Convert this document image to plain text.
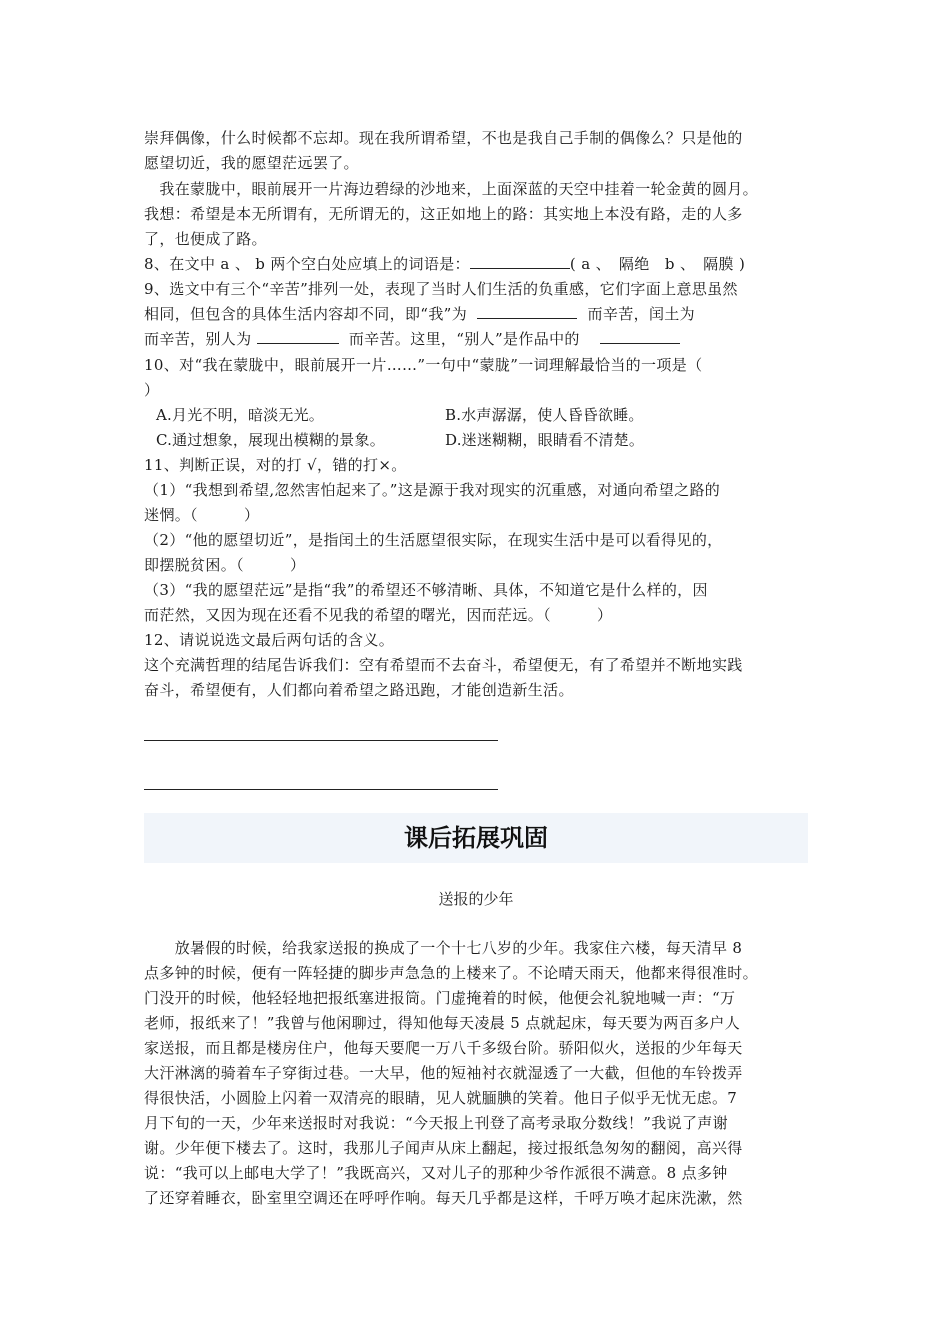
崇拜偶像，什么时候都不忘却。现在我所谓希望，不也是我自己手制的偶像么？只是他的
愿望切近，我的愿望茫远罢了。
　我在蒙胧中，眼前展开一片海边碧绿的沙地来，上面深蓝的天空中挂着一轮金黄的圆月。
我想：希望是本无所谓有，无所谓无的，这正如地上的路：其实地上本没有路，走的人多
了，也便成了路。
8、在文中 a 、 b 两个空白处应填上的词语是：	( a 、　隔绝　b 、　隔膜 )
9、选文中有三个“辛苦”排列一处，表现了当时人们生活的负重感，它们字面上意思虽然
相同，但包含的具体生活内容却不同，即“我”为	而辛苦，闰土为
而辛苦，别人为	而辛苦。这里，“别人”是作品中的
10、对“我在蒙胧中，眼前展开一片……”一句中“蒙胧”一词理解最恰当的一项是（
）
A.月光不明，暗淡无光。	B.水声潺潺，使人昏昏欲睡。
C.通过想象，展现出模糊的景象。	D.迷迷糊糊，眼睛看不清楚。
11、判断正误，对的打 √，错的打×。
（1）“我想到希望,忽然害怕起来了。”这是源于我对现实的沉重感，对通向希望之路的
迷惘。（　　　）
（2）“他的愿望切近”，是指闰土的生活愿望很实际，在现实生活中是可以看得见的，
即摆脱贫困。（　　　）
（3）“我的愿望茫远”是指“我”的希望还不够清晰、具体，不知道它是什么样的，因
而茫然，又因为现在还看不见我的希望的曙光，因而茫远。（　　　）
12、请说说选文最后两句话的含义。
这个充满哲理的结尾告诉我们：空有希望而不去奋斗，希望便无，有了希望并不断地实践
奋斗，希望便有，人们都向着希望之路迅跑，才能创造新生活。
课后拓展巩固
送报的少年
　　放暑假的时候，给我家送报的换成了一个十七八岁的少年。我家住六楼，每天清早 8
点多钟的时候，便有一阵轻捷的脚步声急急的上楼来了。不论晴天雨天，他都来得很准时。
门没开的时候，他轻轻地把报纸塞进报筒。门虚掩着的时候，他便会礼貌地喊一声：“万
老师，报纸来了！”我曾与他闲聊过，得知他每天凌晨 5 点就起床，每天要为两百多户人
家送报，而且都是楼房住户，他每天要爬一万八千多级台阶。骄阳似火，送报的少年每天
大汗淋漓的骑着车子穿街过巷。一大早，他的短袖衬衣就湿透了一大截，但他的车铃拨弄
得很快活，小圆脸上闪着一双清亮的眼睛，见人就腼腆的笑着。他日子似乎无忧无虑。7
月下旬的一天，少年来送报时对我说：“今天报上刊登了高考录取分数线！”我说了声谢
谢。少年便下楼去了。这时，我那儿子闻声从床上翻起，接过报纸急匆匆的翻阅，高兴得
说：“我可以上邮电大学了！”我既高兴，又对儿子的那种少爷作派很不满意。8 点多钟
了还穿着睡衣，卧室里空调还在呼呼作响。每天几乎都是这样，千呼万唤才起床洗漱，然
